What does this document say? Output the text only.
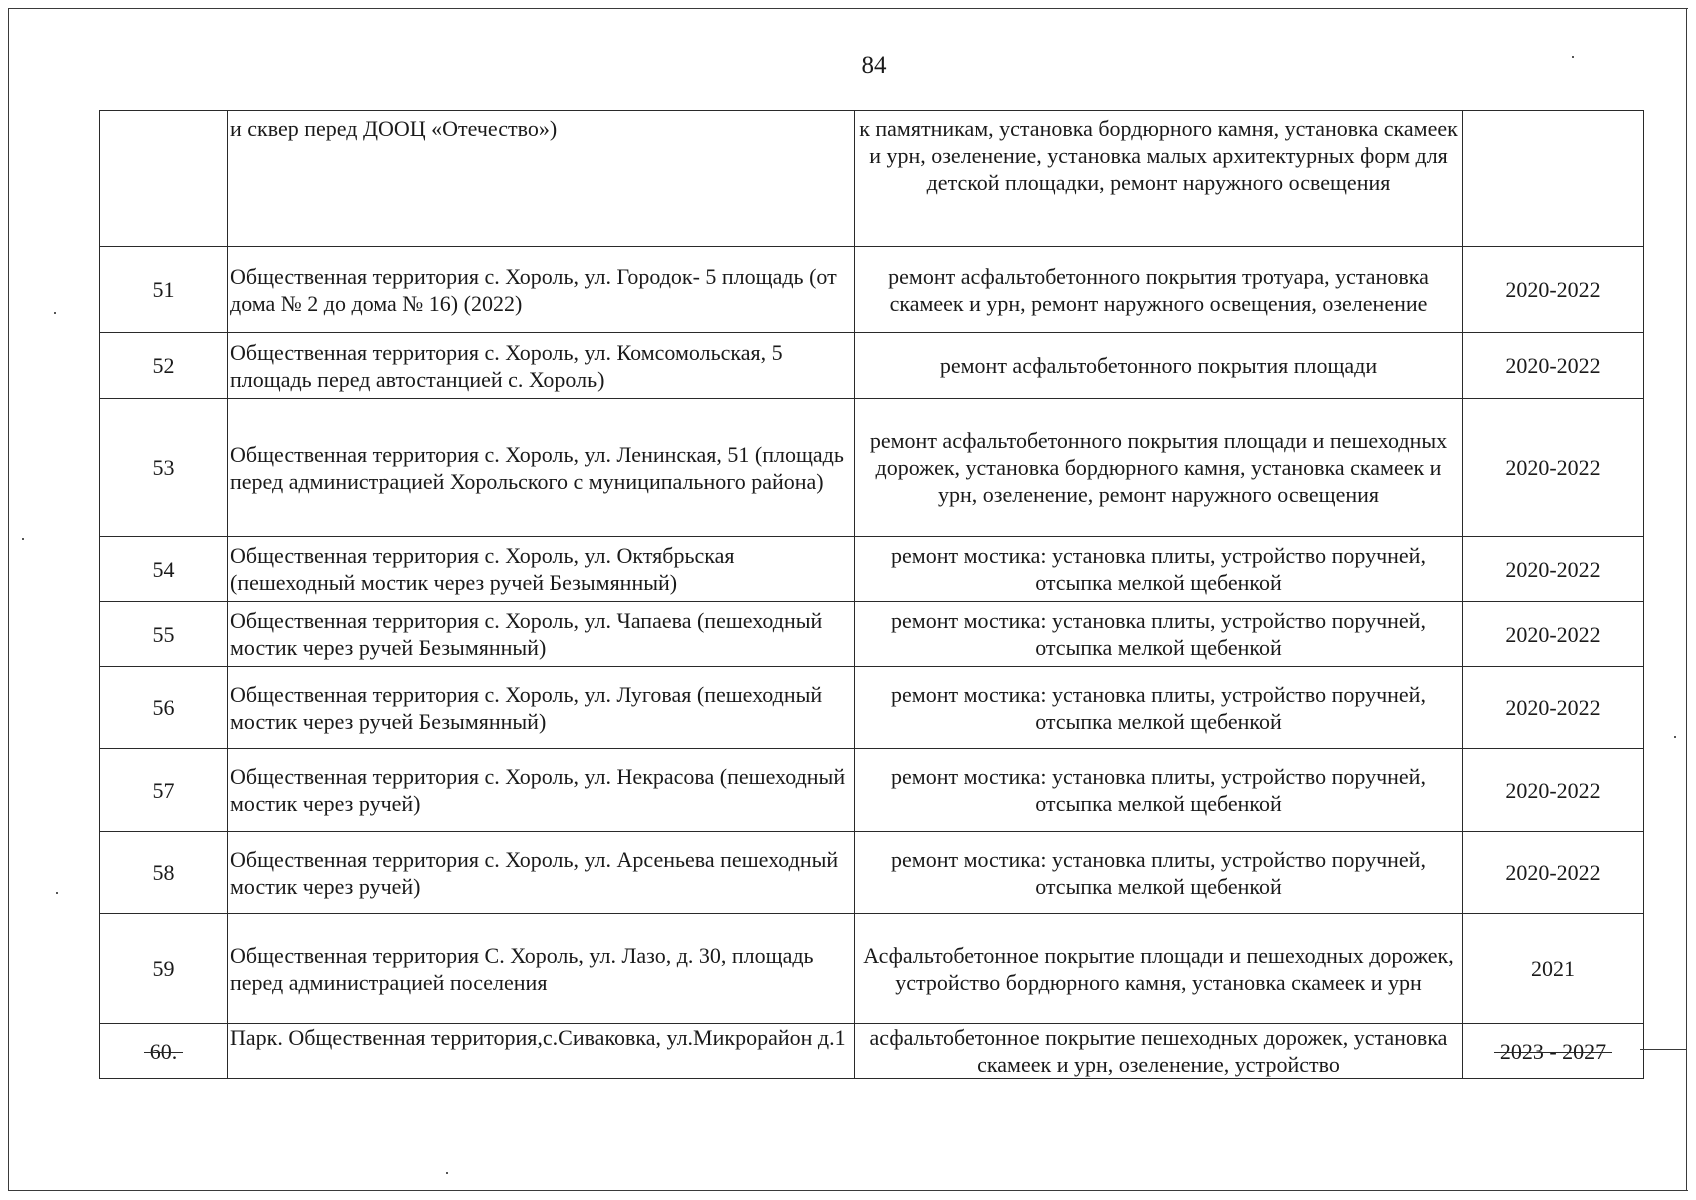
84
	и сквер перед ДООЦ «Отечество»)	к памятникам, установка бордюрного камня, установка скамеек и урн, озеленение, установка малых архитектурных форм для детской площадки, ремонт наружного освещения	
51	Общественная территория с. Хороль, ул. Городок- 5 площадь (от дома № 2 до дома № 16) (2022)	ремонт асфальтобетонного покрытия тротуара, установка скамеек и урн, ремонт наружного освещения, озеленение	2020-2022
52	Общественная территория с. Хороль, ул. Комсомольская, 5 площадь перед автостанцией с. Хороль)	ремонт асфальтобетонного покрытия площади	2020-2022
53	Общественная территория с. Хороль, ул. Ленинская, 51 (площадь перед администрацией Хорольского с муниципального района)	ремонт асфальтобетонного покрытия площади и пешеходных дорожек, установка бордюрного камня, установка скамеек и урн, озеленение, ремонт наружного освещения	2020-2022
54	Общественная территория с. Хороль, ул. Октябрьская (пешеходный мостик через ручей Безымянный)	ремонт мостика: установка плиты, устройство поручней, отсыпка мелкой щебенкой	2020-2022
55	Общественная территория с. Хороль, ул. Чапаева (пешеходный мостик через ручей Безымянный)	ремонт мостика: установка плиты, устройство поручней, отсыпка мелкой щебенкой	2020-2022
56	Общественная территория с. Хороль, ул. Луговая (пешеходный мостик через ручей Безымянный)	ремонт мостика: установка плиты, устройство поручней, отсыпка мелкой щебенкой	2020-2022
57	Общественная территория с. Хороль, ул. Некрасова (пешеходный мостик через ручей)	ремонт мостика: установка плиты, устройство поручней, отсыпка мелкой щебенкой	2020-2022
58	Общественная территория с. Хороль, ул. Арсеньева пешеходный мостик через ручей)	ремонт мостика: установка плиты, устройство поручней, отсыпка мелкой щебенкой	2020-2022
59	Общественная территория С. Хороль, ул. Лазо, д. 30, площадь перед администрацией поселения	Асфальтобетонное покрытие площади и пешеходных дорожек, устройство бордюрного камня, установка скамеек и урн	2021
60.	Парк. Общественная территория,с.Сиваковка, ул.Микрорайон д.1	асфальтобетонное покрытие пешеходных дорожек, установка скамеек и урн, озеленение, устройство	2023 - 2027
